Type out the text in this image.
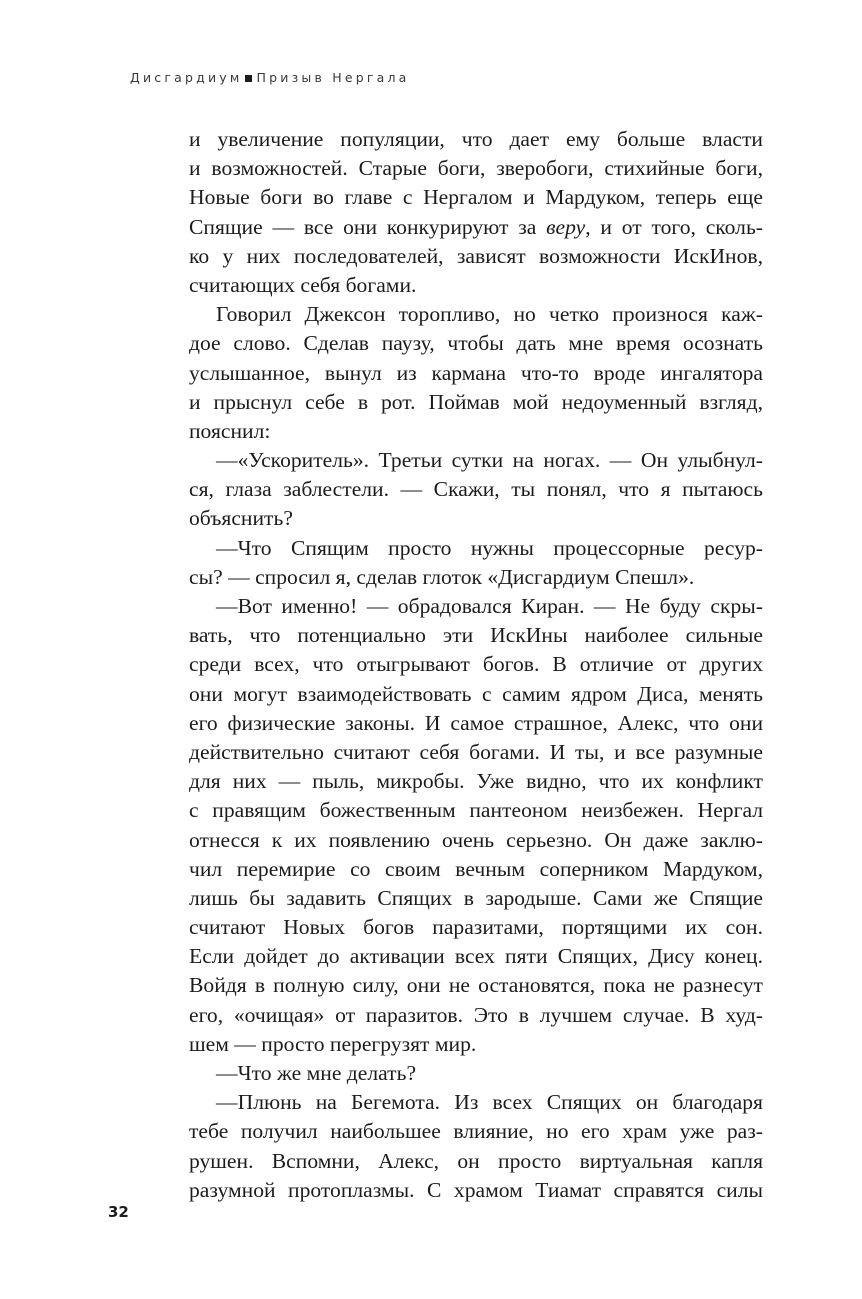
Дисгардиум Призыв Нергала
и увеличение популяции, что дает ему больше власти
и возможностей. Старые боги, зверобоги, стихийные боги,
Новые боги во главе с Нергалом и Мардуком, теперь еще
Спящие — все они конкурируют за веру, и от того, сколь-
ко у них последователей, зависят возможности ИскИнов,
считающих себя богами.
Говорил Джексон торопливо, но четко произнося каж-
дое слово. Сделав паузу, чтобы дать мне время осознать
услышанное, вынул из кармана что-то вроде ингалятора
и прыснул себе в рот. Поймав мой недоуменный взгляд,
пояснил:
—«Ускоритель». Третьи сутки на ногах. — Он улыбнул-
ся, глаза заблестели. — Скажи, ты понял, что я пытаюсь
объяснить?
—Что Спящим просто нужны процессорные ресур-
сы? — спросил я, сделав глоток «Дисгардиум Спешл».
—Вот именно! — обрадовался Киран. — Не буду скры-
вать, что потенциально эти ИскИны наиболее сильные
среди всех, что отыгрывают богов. В отличие от других
они могут взаимодействовать с самим ядром Диса, менять
его физические законы. И самое страшное, Алекс, что они
действительно считают себя богами. И ты, и все разумные
для них — пыль, микробы. Уже видно, что их конфликт
с правящим божественным пантеоном неизбежен. Нергал
отнесся к их появлению очень серьезно. Он даже заклю-
чил перемирие со своим вечным соперником Мардуком,
лишь бы задавить Спящих в зародыше. Сами же Спящие
считают Новых богов паразитами, портящими их сон.
Если дойдет до активации всех пяти Спящих, Дису конец.
Войдя в полную силу, они не остановятся, пока не разнесут
его, «очищая» от паразитов. Это в лучшем случае. В худ-
шем — просто перегрузят мир.
—Что же мне делать?
—Плюнь на Бегемота. Из всех Спящих он благодаря
тебе получил наибольшее влияние, но его храм уже раз-
рушен. Вспомни, Алекс, он просто виртуальная капля
разумной протоплазмы. С храмом Тиамат справятся силы
32
